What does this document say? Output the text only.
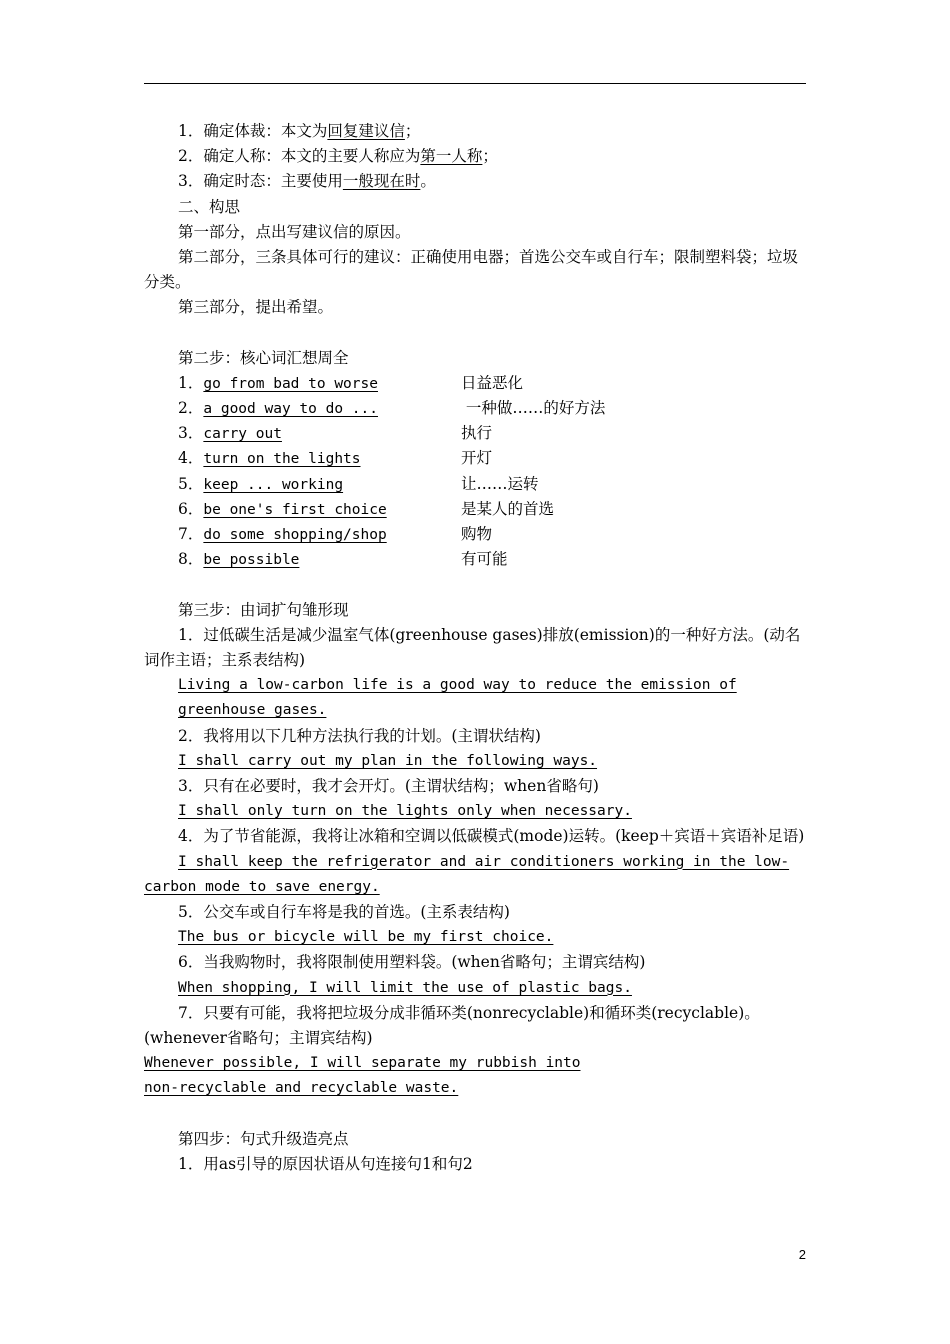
1．确定体裁：本文为回复建议信；
2．确定人称：本文的主要人称应为第一人称；
3．确定时态：主要使用一般现在时。
二、构思
第一部分，点出写建议信的原因。
第二部分，三条具体可行的建议：正确使用电器；首选公交车或自行车；限制塑料袋；垃圾分类。
第三部分，提出希望。
第二步：核心词汇想周全
1．go from bad to worse	日益恶化
2．a good way to do ...	一种做……的好方法
3．carry out	执行
4．turn on the lights	开灯
5．keep ... working	让……运转
6．be one's first choice	是某人的首选
7．do some shopping/shop	购物
8．be possible	有可能
第三步：由词扩句雏形现
1．过低碳生活是减少温室气体(greenhouse gases)排放(emission)的一种好方法。(动名词作主语；主系表结构)
Living a low-carbon life is a good way to reduce the emission of greenhouse gases.
2．我将用以下几种方法执行我的计划。(主谓状结构)
I shall carry out my plan in the following ways.
3．只有在必要时，我才会开灯。(主谓状结构；when省略句)
I shall only turn on the lights only when necessary.
4．为了节省能源，我将让冰箱和空调以低碳模式(mode)运转。(keep＋宾语＋宾语补足语)
I shall keep the refrigerator and air conditioners working in the low-carbon mode to save energy.
5．公交车或自行车将是我的首选。(主系表结构)
The bus or bicycle will be my first choice.
6．当我购物时，我将限制使用塑料袋。(when省略句；主谓宾结构)
When shopping, I will limit the use of plastic bags.
7．只要有可能，我将把垃圾分成非循环类(nonrecyclable)和循环类(recyclable)。(whenever省略句；主谓宾结构)
Whenever possible, I will separate my rubbish into non-recyclable and recyclable waste.
第四步：句式升级造亮点
1．用as引导的原因状语从句连接句1和句2
2
